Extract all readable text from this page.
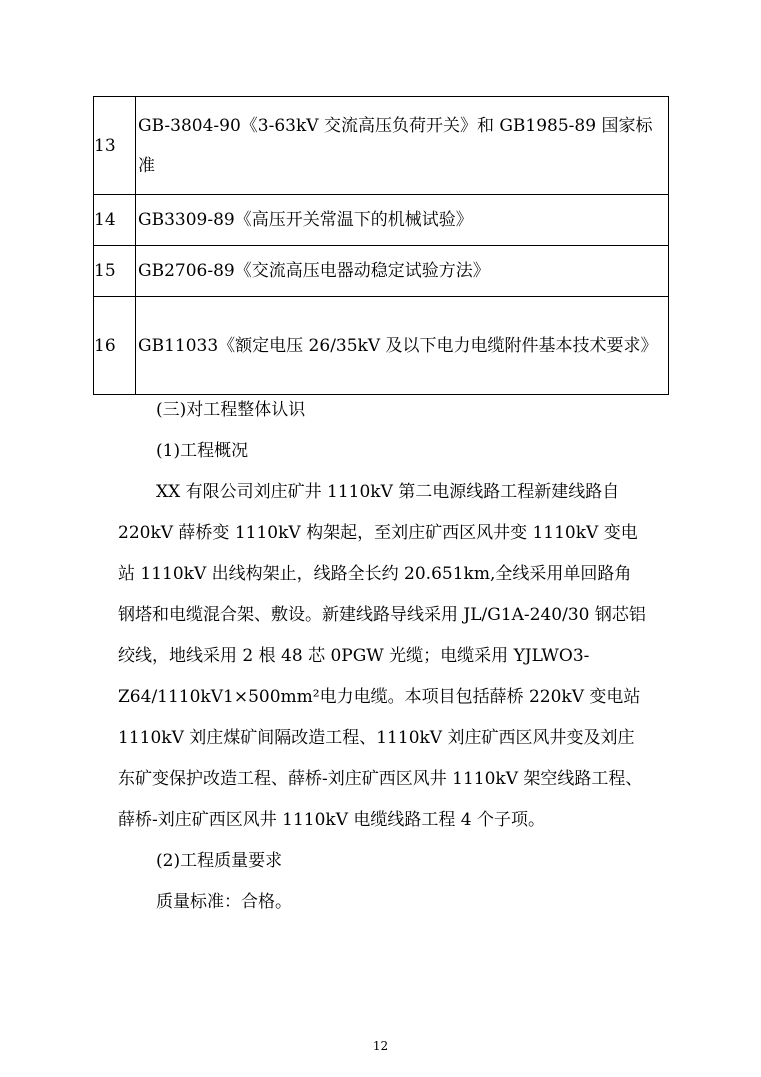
13	GB-3804-90《3-63kV 交流高压负荷开关》和 GB1985-89 国家标准
14	GB3309-89《高压开关常温下的机械试验》
15	GB2706-89《交流高压电器动稳定试验方法》
16	GB11033《额定电压 26/35kV 及以下电力电缆附件基本技术要求》

(三)对工程整体认识

(1)工程概况

XX 有限公司刘庄矿井 1110kV 第二电源线路工程新建线路自 220kV 薛桥变 1110kV 构架起，至刘庄矿西区风井变 1110kV 变电站 1110kV 出线构架止，线路全长约 20.651km,全线采用单回路角钢塔和电缆混合架、敷设。新建线路导线采用 JL/G1A-240/30 钢芯铝绞线，地线采用 2 根 48 芯 0PGW 光缆；电缆采用 YJLWO3-Z64/1110kV1×500mm²电力电缆。本项目包括薛桥 220kV 变电站 1110kV 刘庄煤矿间隔改造工程、1110kV 刘庄矿西区风井变及刘庄东矿变保护改造工程、薛桥-刘庄矿西区风井 1110kV 架空线路工程、薛桥-刘庄矿西区风井 1110kV 电缆线路工程 4 个子项。

(2)工程质量要求

质量标准：合格。

12
